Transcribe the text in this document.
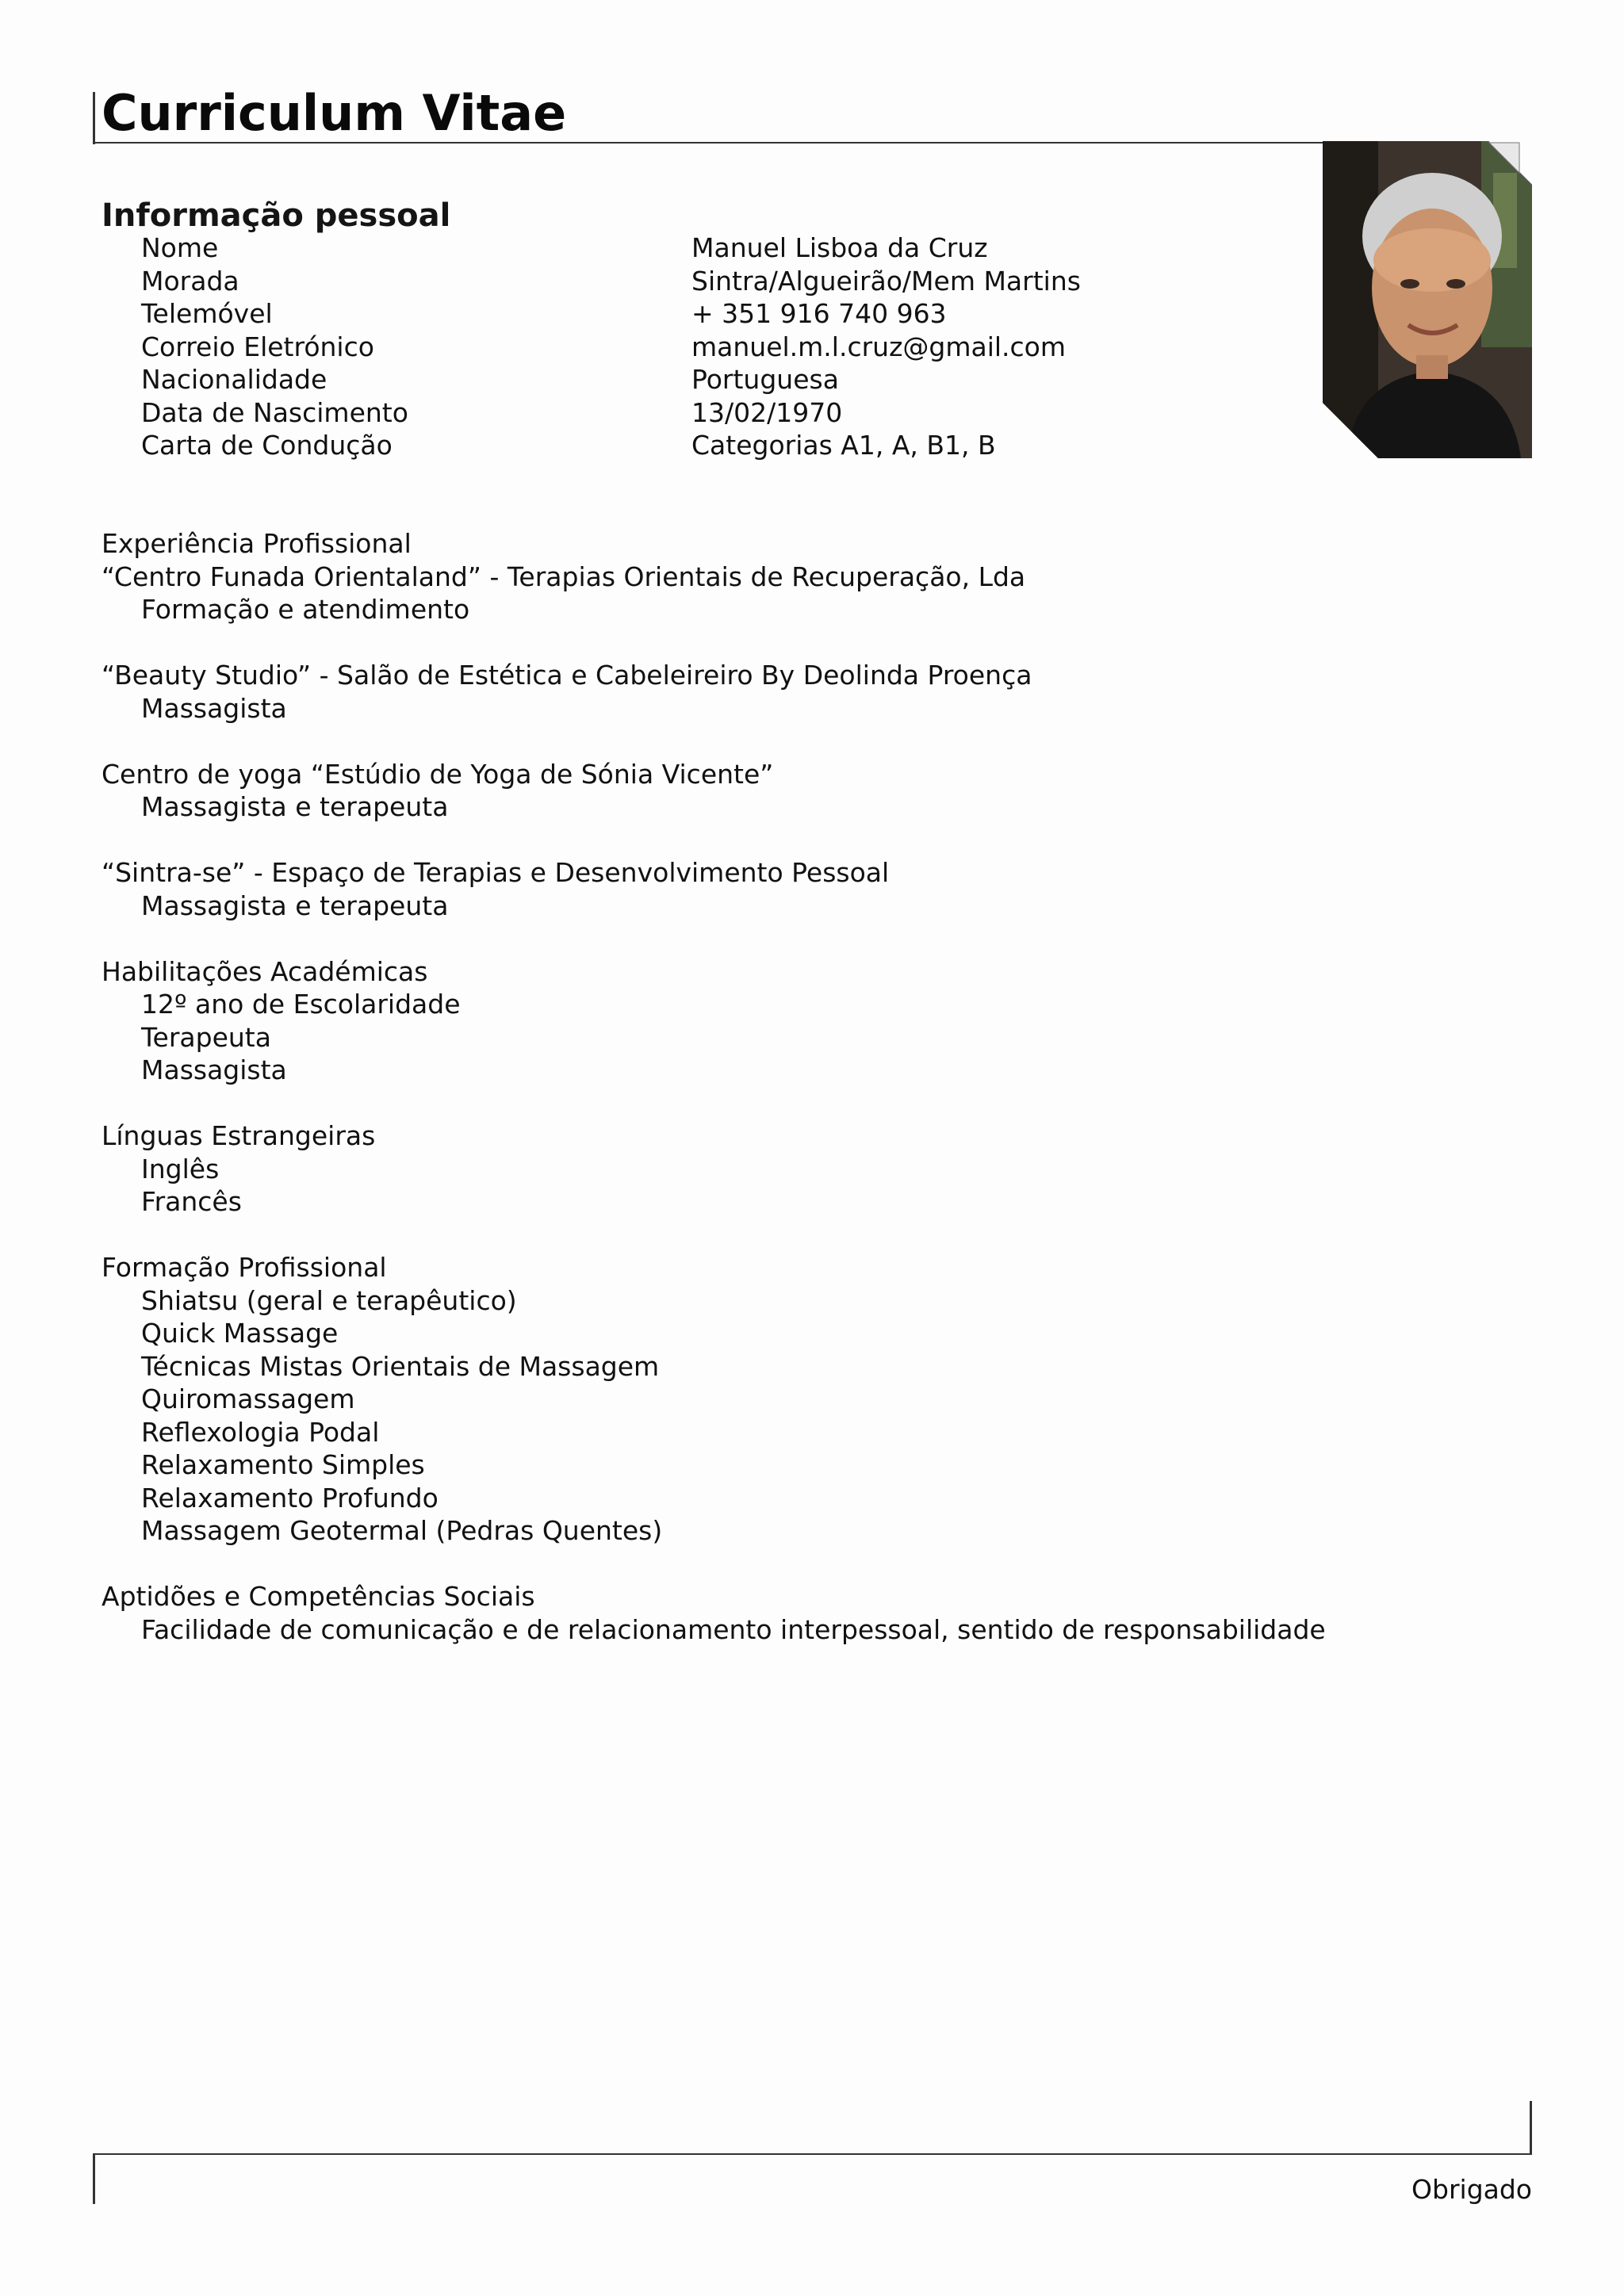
Curriculum Vitae
Informação pessoal
Nome
Morada
Telemóvel
Correio Eletrónico
Nacionalidade
Data de Nascimento
Carta de Condução
Manuel Lisboa da Cruz
Sintra/Algueirão/Mem Martins
+ 351 916 740 963
manuel.m.l.cruz@gmail.com
Portuguesa
13/02/1970
Categorias A1, A, B1, B
Experiência Profissional
“Centro Funada Orientaland” - Terapias Orientais de Recuperação, Lda
Formação e atendimento
“Beauty Studio” - Salão de Estética e Cabeleireiro By Deolinda Proença
Massagista
Centro de yoga “Estúdio de Yoga de Sónia Vicente”
Massagista e terapeuta
“Sintra-se” - Espaço de Terapias e Desenvolvimento Pessoal
Massagista e terapeuta
Habilitações Académicas
12º ano de Escolaridade
Terapeuta
Massagista
Línguas Estrangeiras
Inglês
Francês
Formação Profissional
Shiatsu (geral e terapêutico)
Quick Massage
Técnicas Mistas Orientais de Massagem
Quiromassagem
Reflexologia Podal
Relaxamento Simples
Relaxamento Profundo
Massagem Geotermal (Pedras Quentes)
Aptidões e Competências Sociais
Facilidade de comunicação e de relacionamento interpessoal, sentido de responsabilidade
Obrigado
